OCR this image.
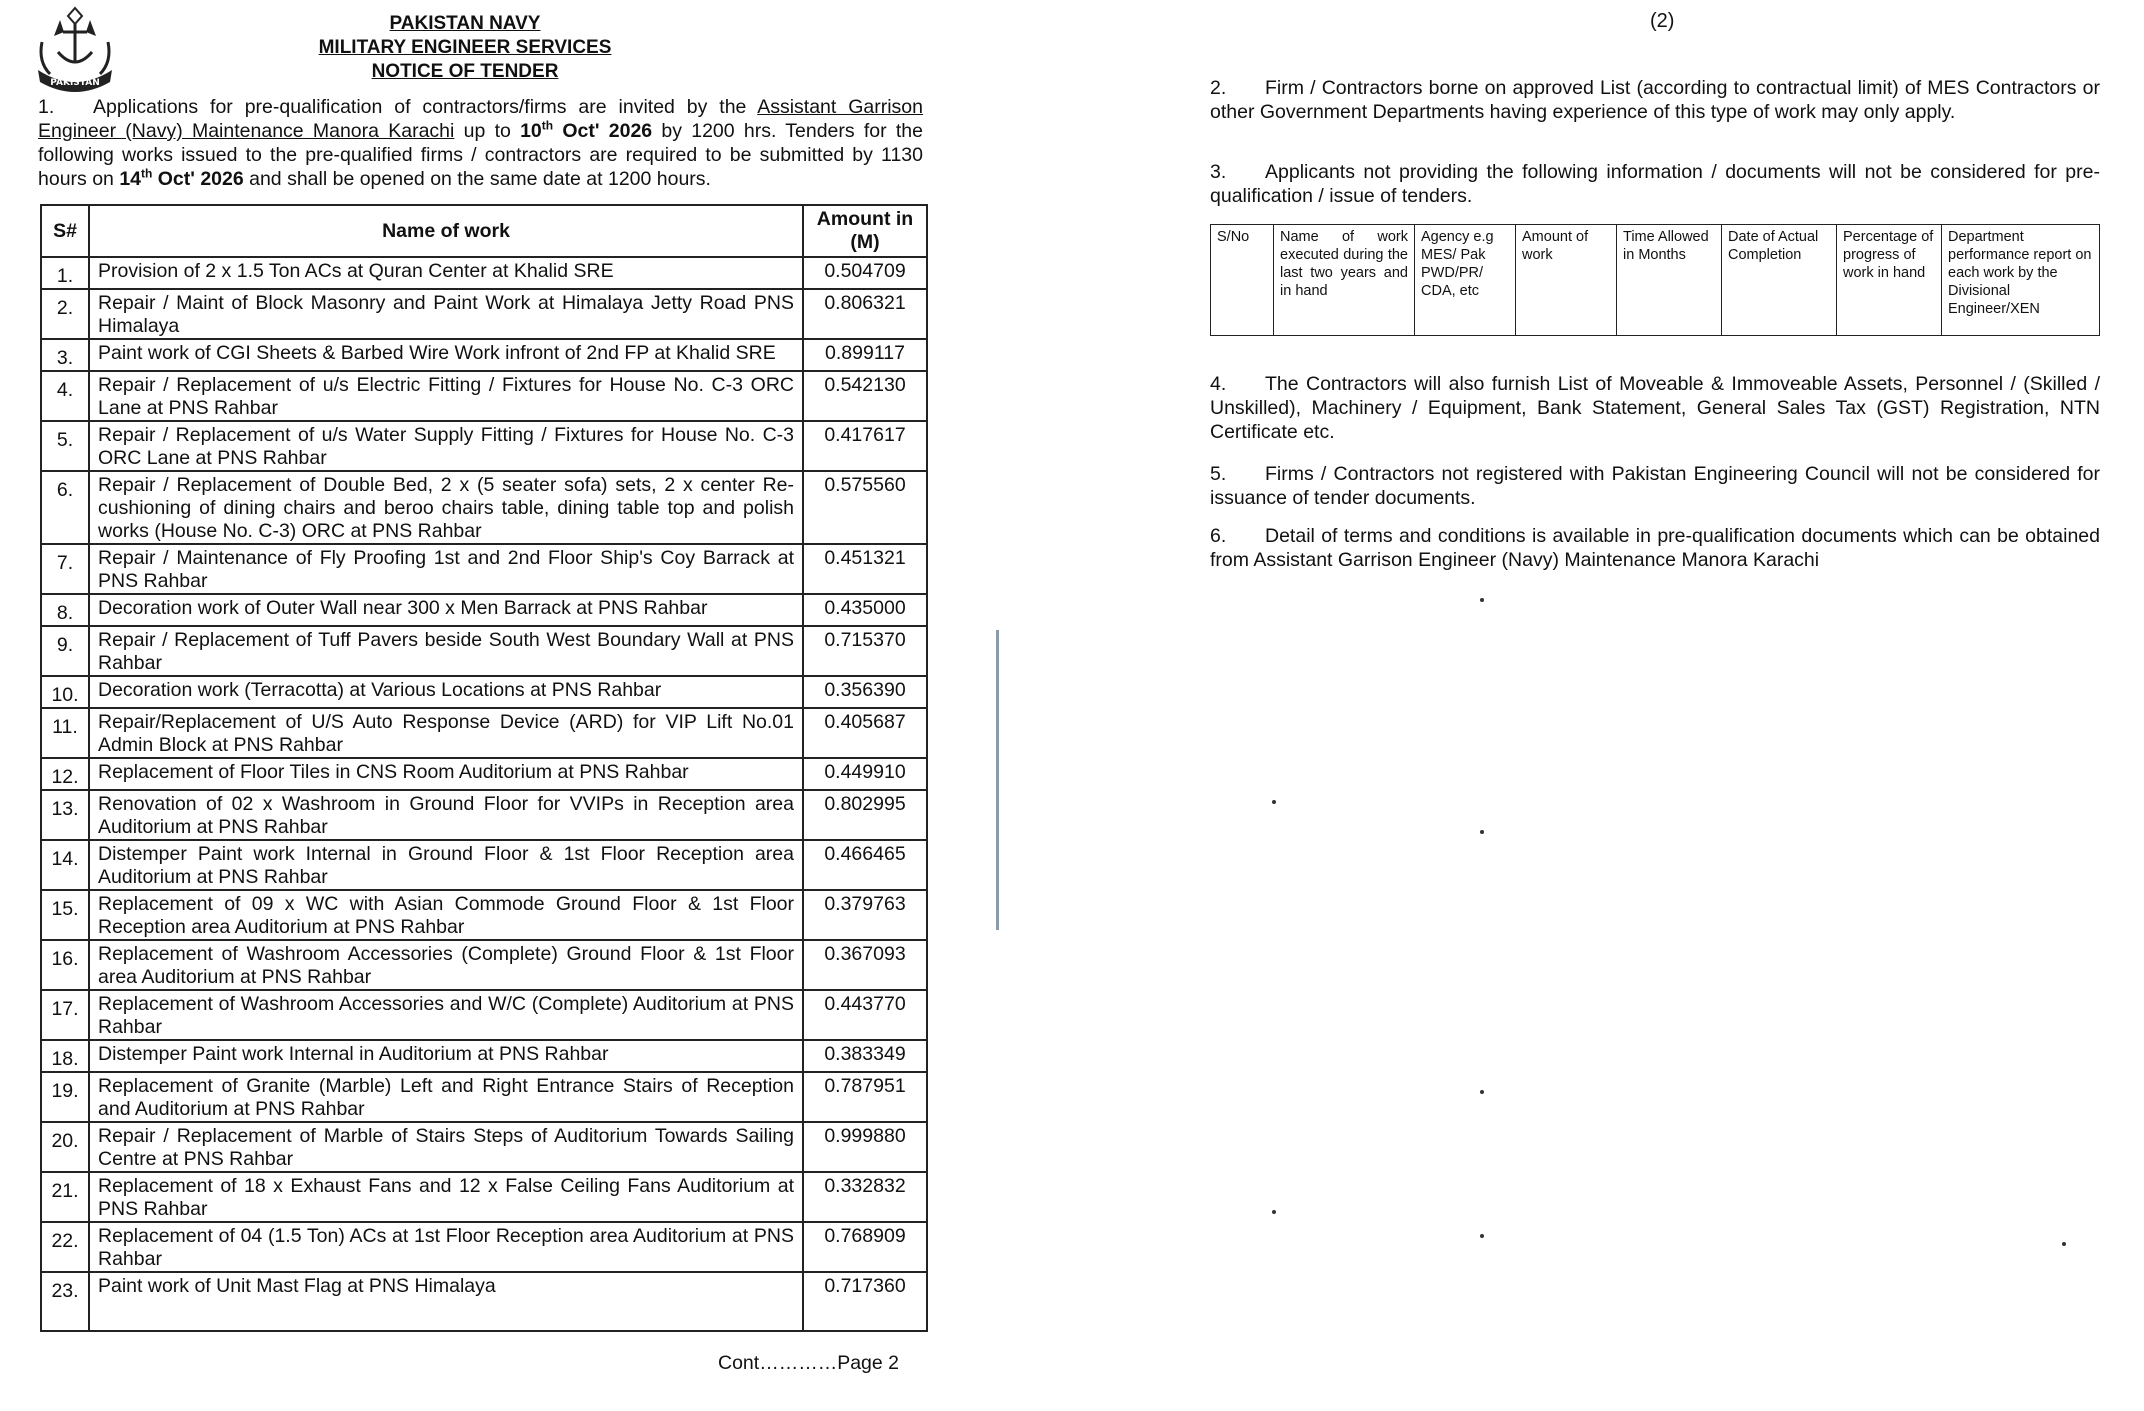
PAKISTAN
PAKISTAN NAVY
MILITARY ENGINEER SERVICES
NOTICE OF TENDER
1. Applications for pre-qualification of contractors/firms are invited by the Assistant Garrison Engineer (Navy) Maintenance Manora Karachi up to 10th Oct' 2026 by 1200 hrs. Tenders for the following works issued to the pre-qualified firms / contractors are required to be submitted by 1130 hours on 14th Oct' 2026 and shall be opened on the same date at 1200 hours.
S#	Name of work	Amount in (M)
1.	Provision of 2 x 1.5 Ton ACs at Quran Center at Khalid SRE	0.504709
2.	Repair / Maint of Block Masonry and Paint Work at Himalaya Jetty Road PNS Himalaya	0.806321
3.	Paint work of CGI Sheets & Barbed Wire Work infront of 2nd FP at Khalid SRE	0.899117
4.	Repair / Replacement of u/s Electric Fitting / Fixtures for House No. C-3 ORC Lane at PNS Rahbar	0.542130
5.	Repair / Replacement of u/s Water Supply Fitting / Fixtures for House No. C-3 ORC Lane at PNS Rahbar	0.417617
6.	Repair / Replacement of Double Bed, 2 x (5 seater sofa) sets, 2 x center Re-cushioning of dining chairs and beroo chairs table, dining table top and polish works (House No. C-3) ORC at PNS Rahbar	0.575560
7.	Repair / Maintenance of Fly Proofing 1st and 2nd Floor Ship's Coy Barrack at PNS Rahbar	0.451321
8.	Decoration work of Outer Wall near 300 x Men Barrack at PNS Rahbar	0.435000
9.	Repair / Replacement of Tuff Pavers beside South West Boundary Wall at PNS Rahbar	0.715370
10.	Decoration work (Terracotta) at Various Locations at PNS Rahbar	0.356390
11.	Repair/Replacement of U/S Auto Response Device (ARD) for VIP Lift No.01 Admin Block at PNS Rahbar	0.405687
12.	Replacement of Floor Tiles in CNS Room Auditorium at PNS Rahbar	0.449910
13.	Renovation of 02 x Washroom in Ground Floor for VVIPs in Reception area Auditorium at PNS Rahbar	0.802995
14.	Distemper Paint work Internal in Ground Floor & 1st Floor Reception area Auditorium at PNS Rahbar	0.466465
15.	Replacement of 09 x WC with Asian Commode Ground Floor & 1st Floor Reception area Auditorium at PNS Rahbar	0.379763
16.	Replacement of Washroom Accessories (Complete) Ground Floor & 1st Floor area Auditorium at PNS Rahbar	0.367093
17.	Replacement of Washroom Accessories and W/C (Complete) Auditorium at PNS Rahbar	0.443770
18.	Distemper Paint work Internal in Auditorium at PNS Rahbar	0.383349
19.	Replacement of Granite (Marble) Left and Right Entrance Stairs of Reception and Auditorium at PNS Rahbar	0.787951
20.	Repair / Replacement of Marble of Stairs Steps of Auditorium Towards Sailing Centre at PNS Rahbar	0.999880
21.	Replacement of 18 x Exhaust Fans and 12 x False Ceiling Fans Auditorium at PNS Rahbar	0.332832
22.	Replacement of 04 (1.5 Ton) ACs at 1st Floor Reception area Auditorium at PNS Rahbar	0.768909
23.	Paint work of Unit Mast Flag at PNS Himalaya	0.717360
Cont…………Page 2
(2)
2. Firm / Contractors borne on approved List (according to contractual limit) of MES Contractors or other Government Departments having experience of this type of work may only apply.
3. Applicants not providing the following information / documents will not be considered for pre-qualification / issue of tenders.
S/No	Name of work executed during the last two years and in hand	Agency e.g MES/ Pak PWD/PR/ CDA, etc	Amount of work	Time Allowed in Months	Date of Actual Completion	Percentage of progress of work in hand	Department performance report on each work by the Divisional Engineer/XEN
4. The Contractors will also furnish List of Moveable & Immoveable Assets, Personnel / (Skilled / Unskilled), Machinery / Equipment, Bank Statement, General Sales Tax (GST) Registration, NTN Certificate etc.
5. Firms / Contractors not registered with Pakistan Engineering Council will not be considered for issuance of tender documents.
6. Detail of terms and conditions is available in pre-qualification documents which can be obtained from Assistant Garrison Engineer (Navy) Maintenance Manora Karachi
